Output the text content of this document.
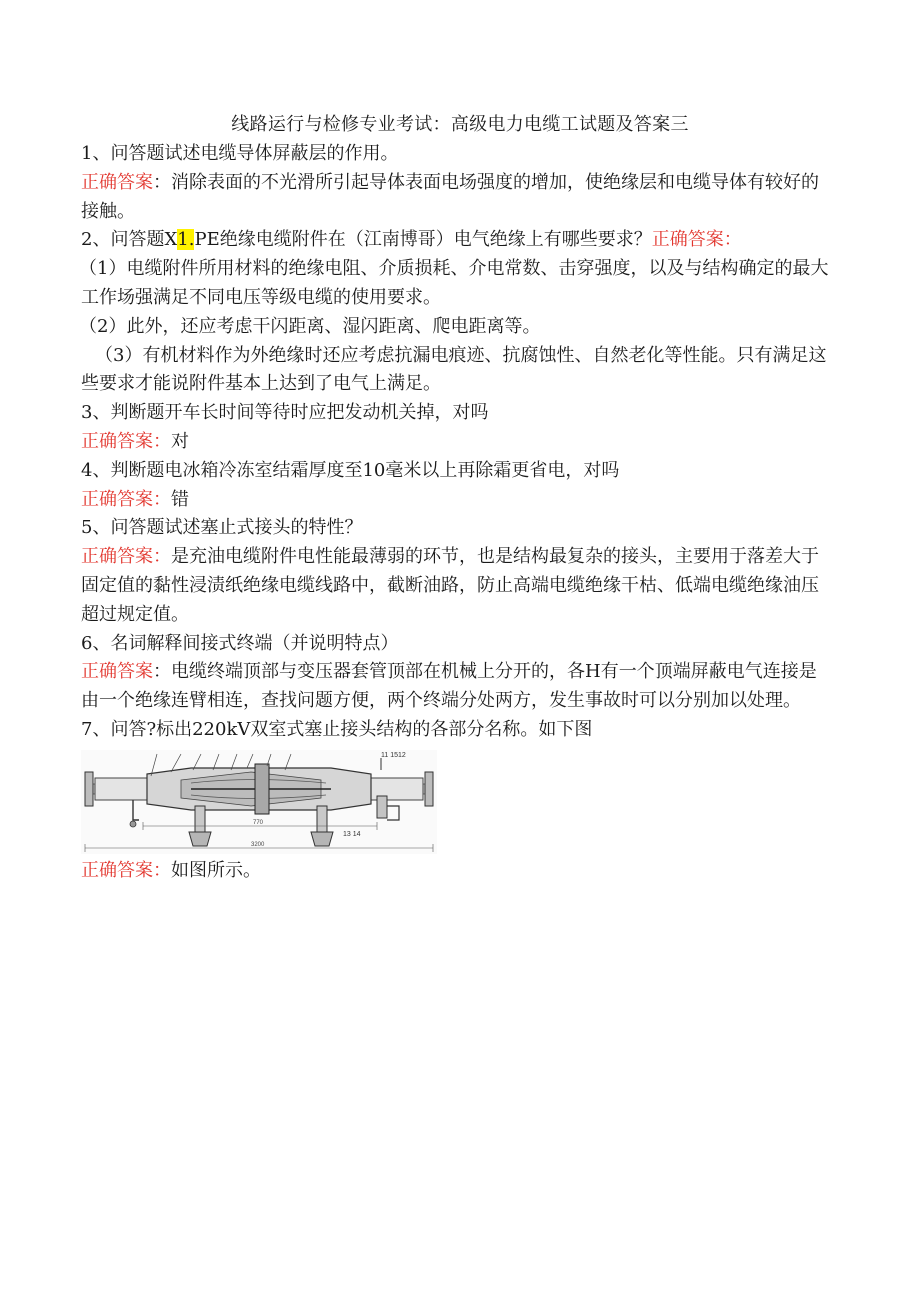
线路运行与检修专业考试：高级电力电缆工试题及答案三

1、问答题试述电缆导体屏蔽层的作用。

正确答案：消除表面的不光滑所引起导体表面电场强度的增加，使绝缘层和电缆导体有较好的接触。

2、问答题X1.PE绝缘电缆附件在（江南博哥）电气绝缘上有哪些要求？正确答案：

（1）电缆附件所用材料的绝缘电阻、介质损耗、介电常数、击穿强度，以及与结构确定的最大工作场强满足不同电压等级电缆的使用要求。

（2）此外，还应考虑干闪距离、湿闪距离、爬电距离等。

（3）有机材料作为外绝缘时还应考虑抗漏电痕迹、抗腐蚀性、自然老化等性能。只有满足这些要求才能说附件基本上达到了电气上满足。

3、判断题开车长时间等待时应把发动机关掉，对吗

正确答案：对

4、判断题电冰箱冷冻室结霜厚度至10毫米以上再除霜更省电，对吗

正确答案：错

5、问答题试述塞止式接头的特性？

正确答案：是充油电缆附件电性能最薄弱的环节，也是结构最复杂的接头，主要用于落差大于固定值的黏性浸渍纸绝缘电缆线路中，截断油路，防止高端电缆绝缘干枯、低端电缆绝缘油压超过规定值。

6、名词解释间接式终端（并说明特点）

正确答案：电缆终端顶部与变压器套管顶部在机械上分开的，各H有一个顶端屏蔽电气连接是由一个绝缘连臂相连，查找问题方便，两个终端分处两方，发生事故时可以分别加以处理。

7、问答?标出220kV双室式塞止接头结构的各部分名称。如下图

11 1512
13 14
770
3200

正确答案：如图所示。
